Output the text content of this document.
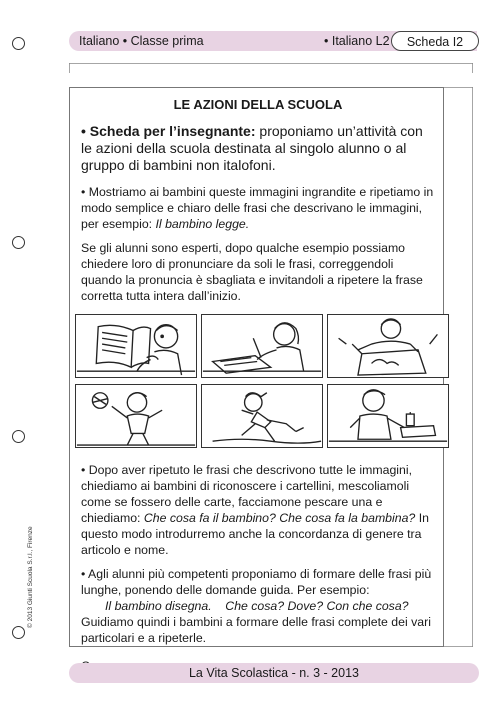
Italiano • Classe prima	• Italiano L2	Scheda I2
LE AZIONI DELLA SCUOLA

• Scheda per l’insegnante: proponiamo un’attività con le azioni della scuola destinata al singolo alunno o al gruppo di bambini non italofoni.

• Mostriamo ai bambini queste immagini ingrandite e ripetiamo in modo semplice e chiaro delle frasi che descrivano le immagini, per esempio: Il bambino legge.

Se gli alunni sono esperti, dopo qualche esempio possiamo chiedere loro di pronunciare da soli le frasi, correggendoli quando la pronuncia è sbagliata e invitandoli a ripetere la frase corretta tutta intera dall’inizio.

• Dopo aver ripetuto le frasi che descrivono tutte le immagini, chiediamo ai bambini di riconoscere i cartellini, mescoliamoli come se fossero delle carte, facciamone pescare una e chiediamo: Che cosa fa il bambino? Che cosa fa la bambina? In questo modo introdurremo anche la concordanza di genere tra articolo e nome.

• Agli alunni più competenti proponiamo di formare delle frasi più lunghe, ponendo delle domande guida. Per esempio:

Il bambino disegna.    Che cosa? Dove? Con che cosa?

Guidiamo quindi i bambini a formare delle frasi complete dei vari particolari e a ripeterle.

© 2013 Giunti Scuola S.r.l., Firenze
La Vita Scolastica - n. 3 - 2013
